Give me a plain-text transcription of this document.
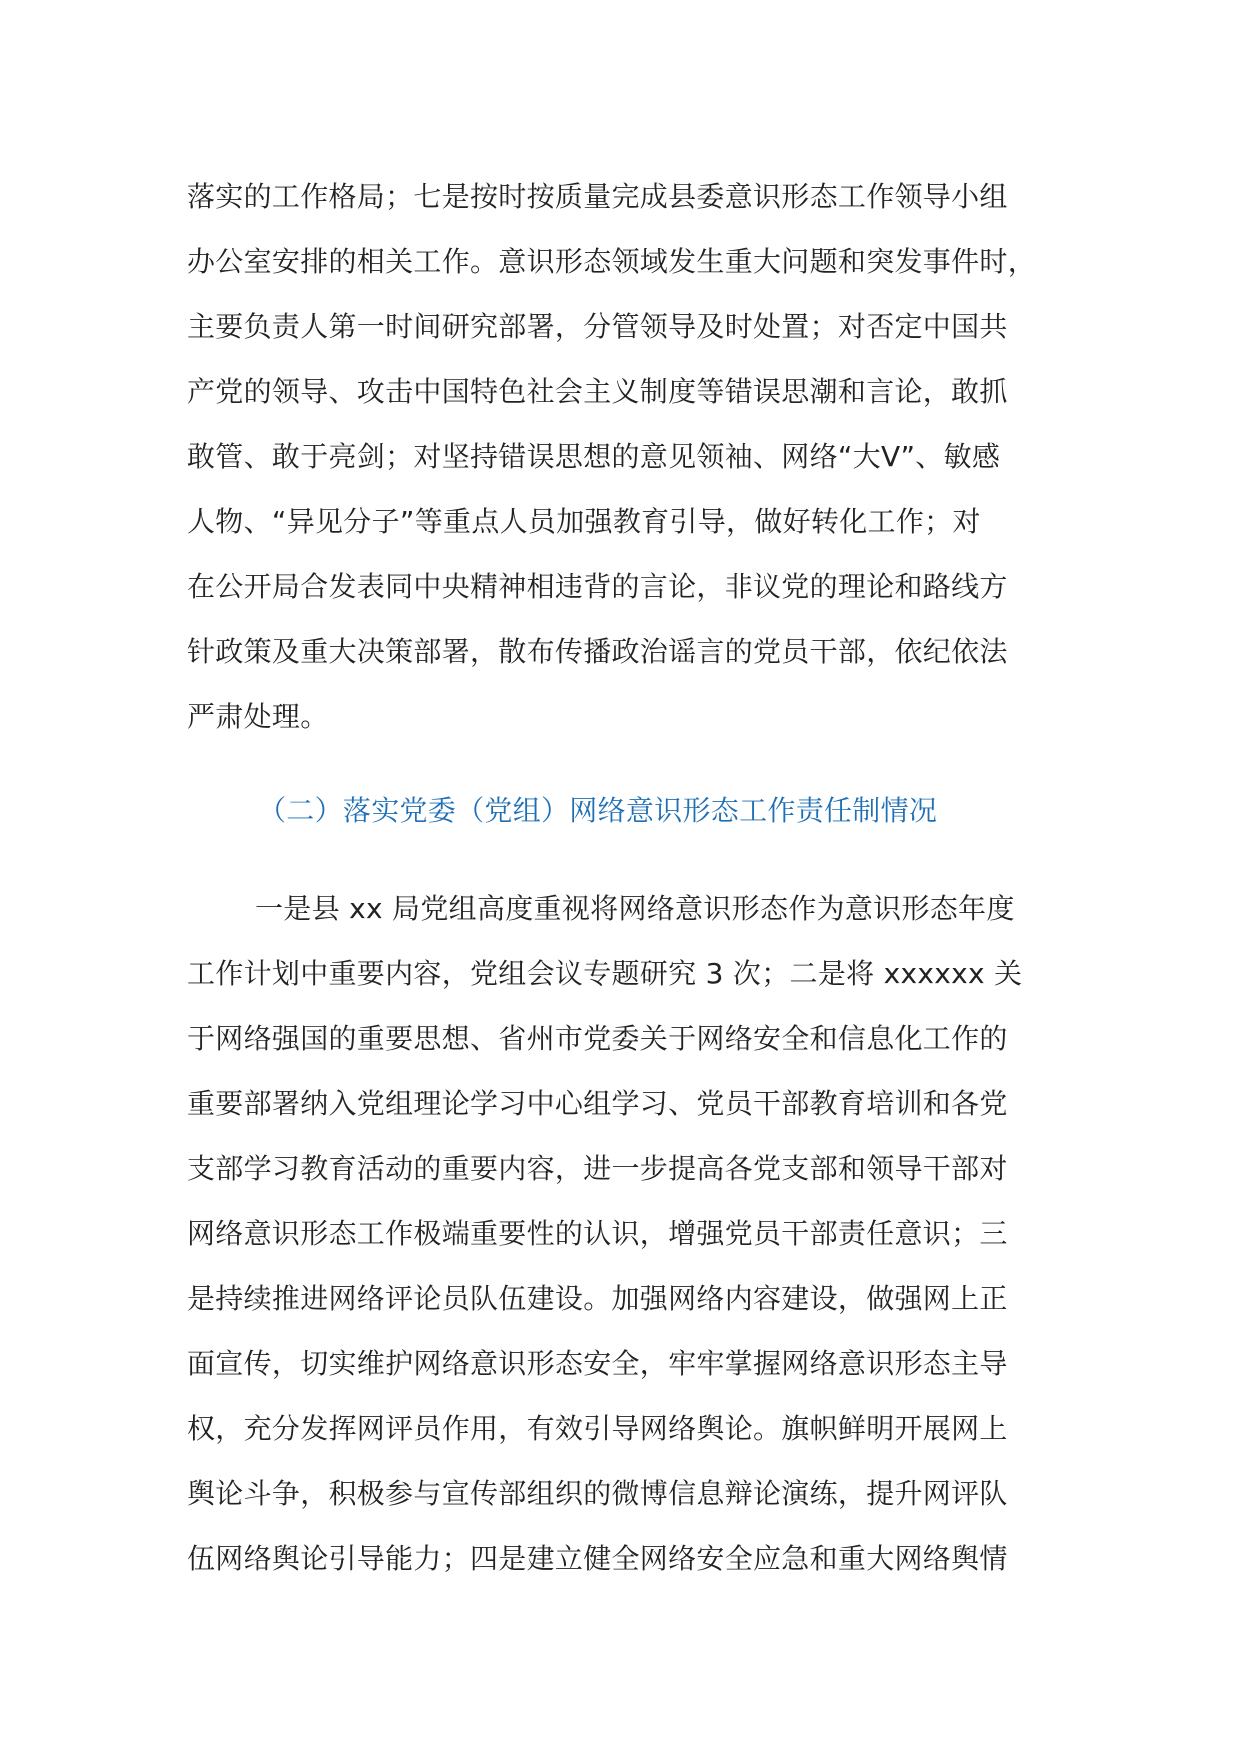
落实的工作格局；七是按时按质量完成县委意识形态工作领导小组
办公室安排的相关工作。意识形态领域发生重大问题和突发事件时，
主要负责人第一时间研究部署，分管领导及时处置；对否定中国共
产党的领导、攻击中国特色社会主义制度等错误思潮和言论，敢抓
敢管、敢于亮剑；对坚持错误思想的意见领袖、网络“大V”、敏感
人物、“异见分子”等重点人员加强教育引导，做好转化工作；对
在公开局合发表同中央精神相违背的言论，非议党的理论和路线方
针政策及重大决策部署，散布传播政治谣言的党员干部，依纪依法
严肃处理。
（二）落实党委（党组）网络意识形态工作责任制情况
一是县 xx 局党组高度重视将网络意识形态作为意识形态年度
工作计划中重要内容，党组会议专题研究 3 次；二是将 xxxxxx 关
于网络强国的重要思想、省州市党委关于网络安全和信息化工作的
重要部署纳入党组理论学习中心组学习、党员干部教育培训和各党
支部学习教育活动的重要内容，进一步提高各党支部和领导干部对
网络意识形态工作极端重要性的认识，增强党员干部责任意识；三
是持续推进网络评论员队伍建设。加强网络内容建设，做强网上正
面宣传，切实维护网络意识形态安全，牢牢掌握网络意识形态主导
权，充分发挥网评员作用，有效引导网络舆论。旗帜鲜明开展网上
舆论斗争，积极参与宣传部组织的微博信息辩论演练，提升网评队
伍网络舆论引导能力；四是建立健全网络安全应急和重大网络舆情
